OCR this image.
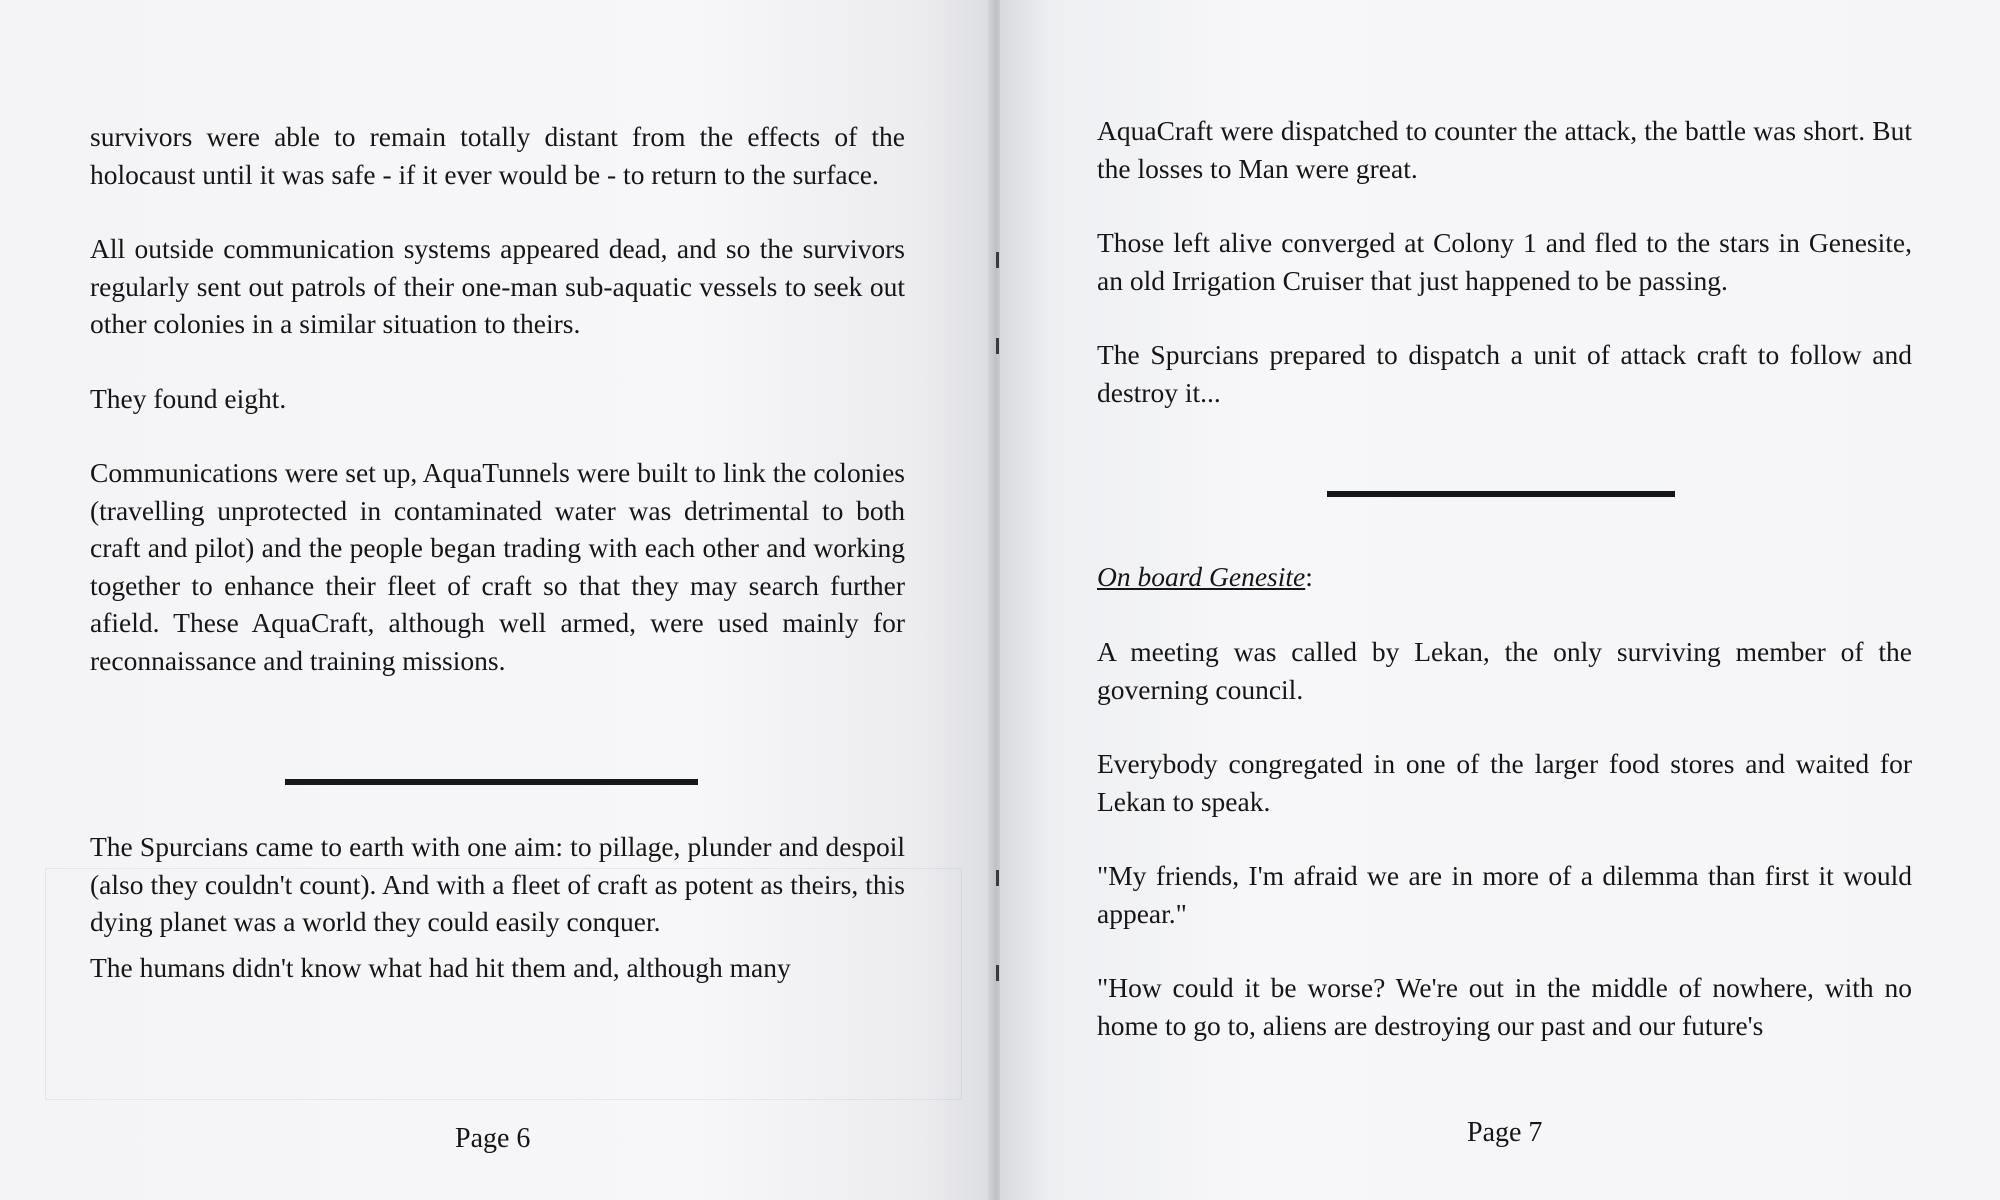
survivors were able to remain totally distant from the effects of the holocaust until it was safe - if it ever would be - to return to the surface.

All outside communication systems appeared dead, and so the survivors regularly sent out patrols of their one-man sub-aquatic vessels to seek out other colonies in a similar situation to theirs.

They found eight.

Communications were set up, AquaTunnels were built to link the colonies (travelling unprotected in contaminated water was detrimental to both craft and pilot) and the people began trading with each other and working together to enhance their fleet of craft so that they may search further afield. These AquaCraft, although well armed, were used mainly for reconnaissance and training missions.

The Spurcians came to earth with one aim: to pillage, plunder and despoil (also they couldn't count). And with a fleet of craft as potent as theirs, this dying planet was a world they could easily conquer.

The humans didn't know what had hit them and, although many

Page 6

AquaCraft were dispatched to counter the attack, the battle was short. But the losses to Man were great.

Those left alive converged at Colony 1 and fled to the stars in Genesite, an old Irrigation Cruiser that just happened to be passing.

The Spurcians prepared to dispatch a unit of attack craft to follow and destroy it...

On board Genesite:

A meeting was called by Lekan, the only surviving member of the governing council.

Everybody congregated in one of the larger food stores and waited for Lekan to speak.

"My friends, I'm afraid we are in more of a dilemma than first it would appear."

"How could it be worse? We're out in the middle of nowhere, with no home to go to, aliens are destroying our past and our future's

Page 7
